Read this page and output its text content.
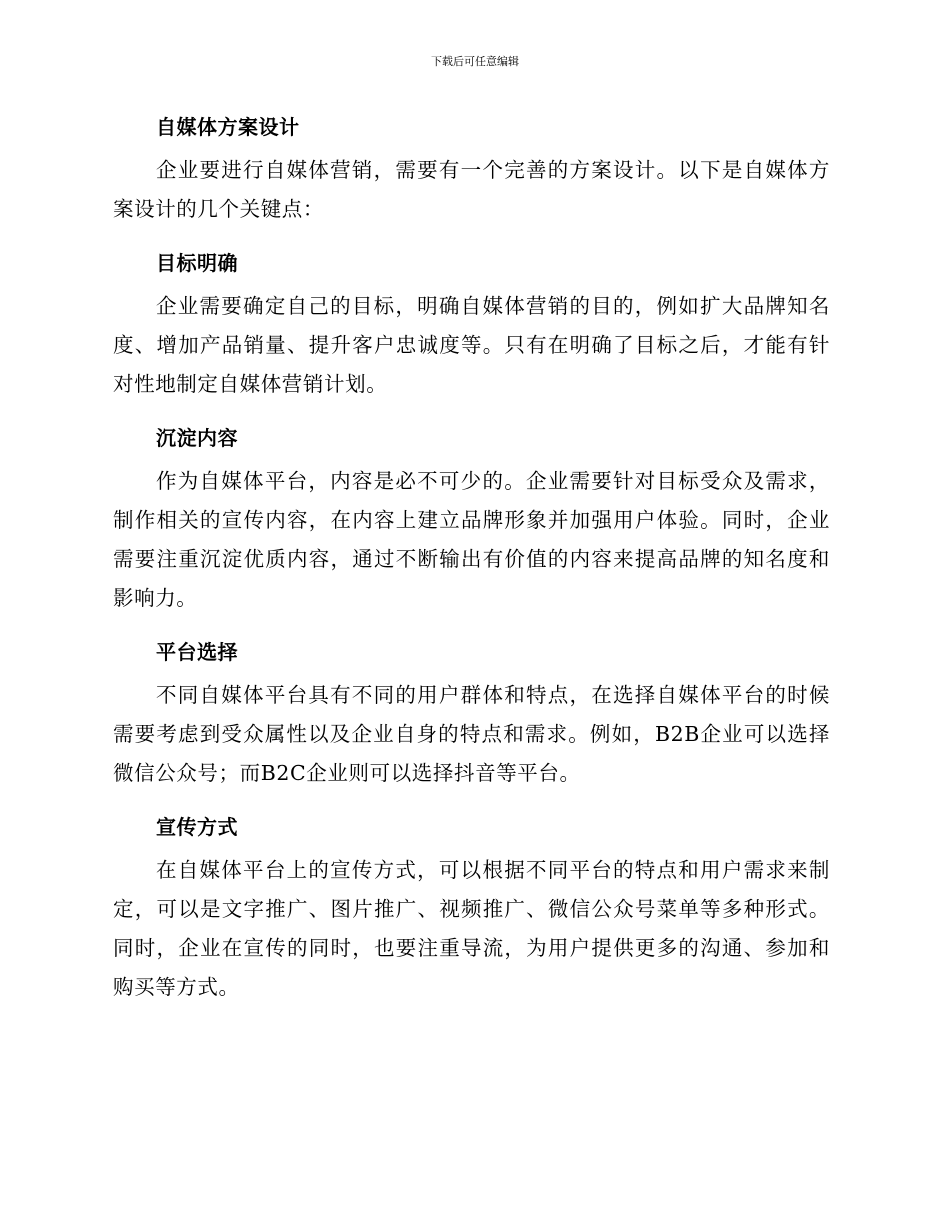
下载后可任意编辑
自媒体方案设计

企业要进行自媒体营销，需要有一个完善的方案设计。以下是自媒体方案设计的几个关键点：

目标明确

企业需要确定自己的目标，明确自媒体营销的目的，例如扩大品牌知名度、增加产品销量、提升客户忠诚度等。只有在明确了目标之后，才能有针对性地制定自媒体营销计划。

沉淀内容

作为自媒体平台，内容是必不可少的。企业需要针对目标受众及需求，制作相关的宣传内容，在内容上建立品牌形象并加强用户体验。同时，企业需要注重沉淀优质内容，通过不断输出有价值的内容来提高品牌的知名度和影响力。

平台选择

不同自媒体平台具有不同的用户群体和特点，在选择自媒体平台的时候需要考虑到受众属性以及企业自身的特点和需求。例如，B2B企业可以选择微信公众号；而B2C企业则可以选择抖音等平台。

宣传方式

在自媒体平台上的宣传方式，可以根据不同平台的特点和用户需求来制定，可以是文字推广、图片推广、视频推广、微信公众号菜单等多种形式。同时，企业在宣传的同时，也要注重导流，为用户提供更多的沟通、参加和购买等方式。
